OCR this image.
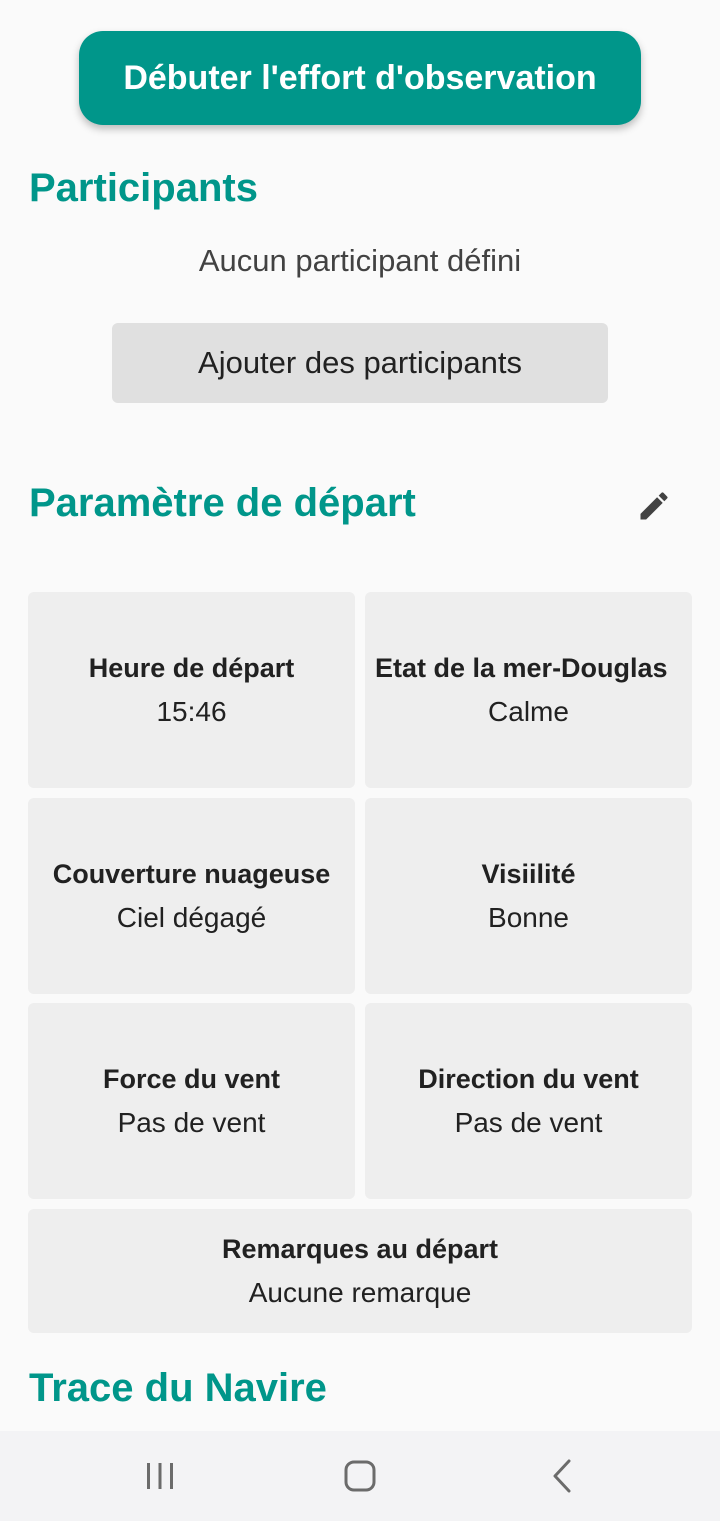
Débuter l'effort d'observation
Participants
Aucun participant défini
Ajouter des participants
Paramètre de départ
Heure de départ
15:46
Etat de la mer-Douglas
Calme
Couverture nuageuse
Ciel dégagé
Visiilité
Bonne
Force du vent
Pas de vent
Direction du vent
Pas de vent
Remarques au départ
Aucune remarque
Trace du Navire
